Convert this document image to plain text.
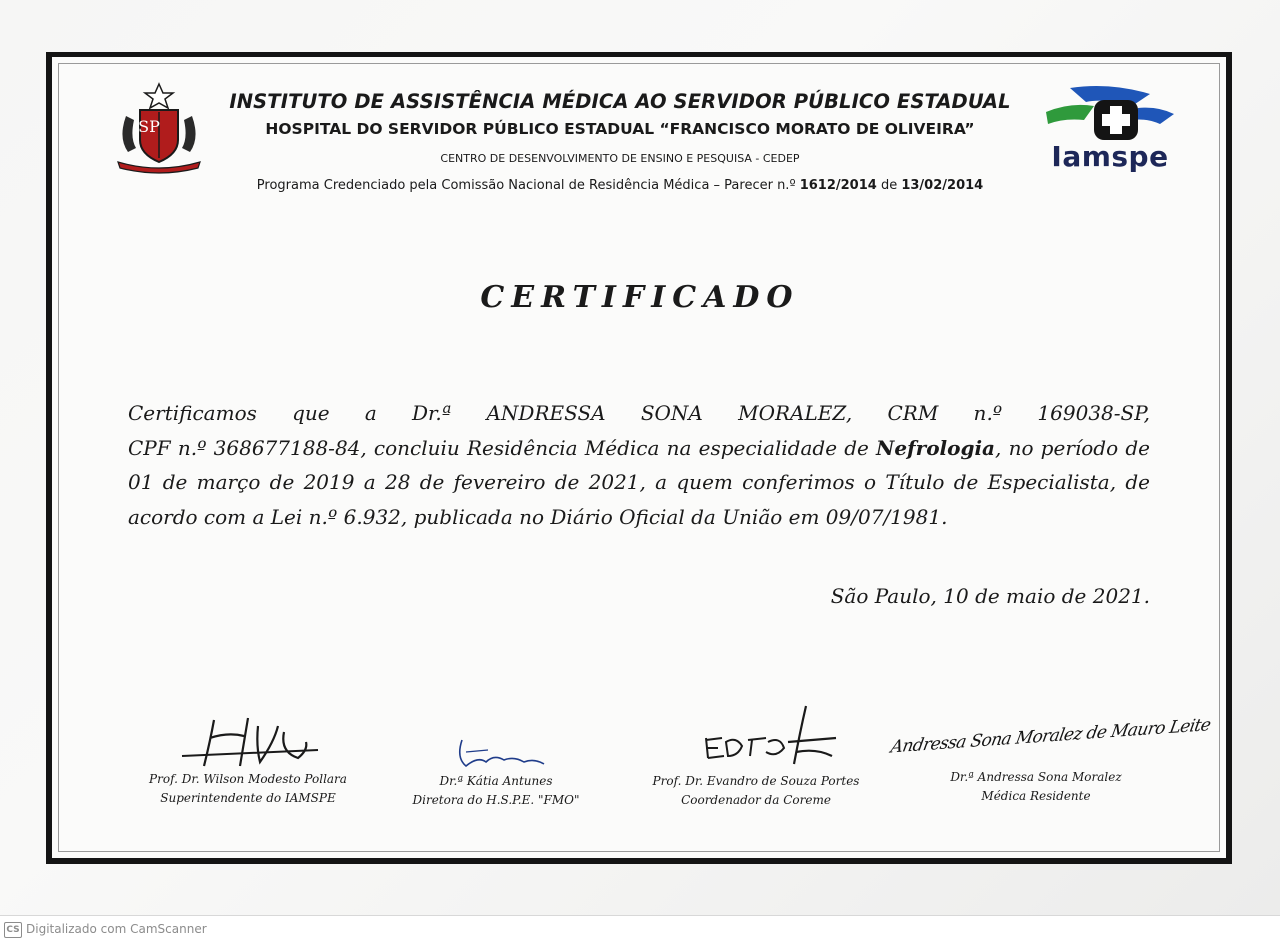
SP
Iamspe
INSTITUTO DE ASSISTÊNCIA MÉDICA AO SERVIDOR PÚBLICO ESTADUAL
HOSPITAL DO SERVIDOR PÚBLICO ESTADUAL “FRANCISCO MORATO DE OLIVEIRA”
CENTRO DE DESENVOLVIMENTO DE ENSINO E PESQUISA - CEDEP
Programa Credenciado pela Comissão Nacional de Residência Médica – Parecer n.º 1612/2014 de 13/02/2014
CERTIFICADO
Certificamos que a Dr.ª ANDRESSA SONA MORALEZ, CRM n.º 169038-SP,
CPF n.º 368677188-84, concluiu Residência Médica na especialidade de Nefrologia, no período de
01 de março de 2019 a 28 de fevereiro de 2021, a quem conferimos o Título de Especialista, de
acordo com a Lei n.º 6.932, publicada no Diário Oficial da União em 09/07/1981.
São Paulo, 10 de maio de 2021.
Prof. Dr. Wilson Modesto Pollara
Superintendente do IAMSPE
Dr.ª Kátia Antunes
Diretora do H.S.P.E. "FMO"
Prof. Dr. Evandro de Souza Portes
Coordenador da Coreme
Andressa Sona Moralez de Mauro Leite
Dr.ª Andressa Sona Moralez
Médica Residente
CS Digitalizado com CamScanner
